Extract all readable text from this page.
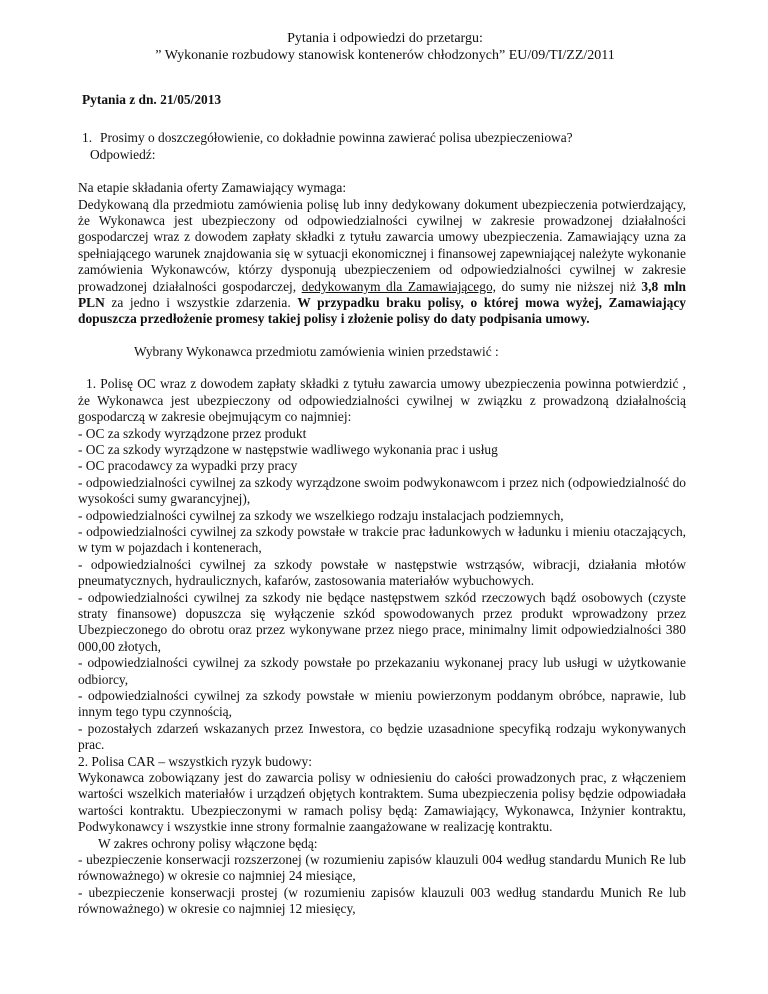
Pytania i odpowiedzi do przetargu:
” Wykonanie rozbudowy stanowisk kontenerów chłodzonych” EU/09/TI/ZZ/2011
Pytania z dn. 21/05/2013
1. Prosimy o doszczegółowienie, co dokładnie powinna zawierać polisa ubezpieczeniowa?
Odpowiedź:

Na etapie składania oferty Zamawiający wymaga:

Dedykowaną dla przedmiotu zamówienia polisę lub inny dedykowany dokument ubezpieczenia potwierdzający, że Wykonawca jest ubezpieczony od odpowiedzialności cywilnej w zakresie prowadzonej działalności gospodarczej wraz z dowodem zapłaty składki z tytułu zawarcia umowy ubezpieczenia. Zamawiający uzna za spełniającego warunek znajdowania się w sytuacji ekonomicznej i finansowej zapewniającej należyte wykonanie zamówienia Wykonawców, którzy dysponują ubezpieczeniem od odpowiedzialności cywilnej w zakresie prowadzonej działalności gospodarczej, dedykowanym dla Zamawiającego, do sumy nie niższej niż 3,8 mln PLN za jedno i wszystkie zdarzenia. W przypadku braku polisy, o której mowa wyżej, Zamawiający dopuszcza przedłożenie promesy takiej polisy i złożenie polisy do daty podpisania umowy.

Wybrany Wykonawca przedmiotu zamówienia winien przedstawić :

1. Polisę OC wraz z dowodem zapłaty składki z tytułu zawarcia umowy ubezpieczenia powinna potwierdzić , że Wykonawca jest ubezpieczony od odpowiedzialności cywilnej w związku z prowadzoną działalnością gospodarczą w zakresie obejmującym co najmniej:

- OC za szkody wyrządzone przez produkt

- OC za szkody wyrządzone w następstwie wadliwego wykonania prac i usług

- OC pracodawcy za wypadki przy pracy

- odpowiedzialności cywilnej za szkody wyrządzone swoim podwykonawcom i przez nich (odpowiedzialność do wysokości sumy gwarancyjnej),

- odpowiedzialności cywilnej za szkody we wszelkiego rodzaju instalacjach podziemnych,

- odpowiedzialności cywilnej za szkody powstałe w trakcie prac ładunkowych w ładunku i mieniu otaczających, w tym w pojazdach i kontenerach,

- odpowiedzialności cywilnej za szkody powstałe w następstwie wstrząsów, wibracji, działania młotów pneumatycznych, hydraulicznych, kafarów, zastosowania materiałów wybuchowych.

- odpowiedzialności cywilnej za szkody nie będące następstwem szkód rzeczowych bądź osobowych (czyste straty finansowe) dopuszcza się wyłączenie szkód spowodowanych przez produkt wprowadzony przez Ubezpieczonego do obrotu oraz przez wykonywane przez niego prace, minimalny limit odpowiedzialności 380 000,00 złotych,

- odpowiedzialności cywilnej za szkody powstałe po przekazaniu wykonanej pracy lub usługi w użytkowanie odbiorcy,

- odpowiedzialności cywilnej za szkody powstałe w mieniu powierzonym poddanym obróbce, naprawie, lub innym tego typu czynnością,

- pozostałych zdarzeń wskazanych przez Inwestora, co będzie uzasadnione specyfiką rodzaju wykonywanych prac.

2. Polisa CAR – wszystkich ryzyk budowy:

Wykonawca zobowiązany jest do zawarcia polisy w odniesieniu do całości prowadzonych prac, z włączeniem wartości wszelkich materiałów i urządzeń objętych kontraktem. Suma ubezpieczenia polisy będzie odpowiadała wartości kontraktu. Ubezpieczonymi w ramach polisy będą: Zamawiający, Wykonawca, Inżynier kontraktu, Podwykonawcy i wszystkie inne strony formalnie zaangażowane w realizację kontraktu.

W zakres ochrony polisy włączone będą:

- ubezpieczenie konserwacji rozszerzonej (w rozumieniu zapisów klauzuli 004 według standardu Munich Re lub równoważnego) w okresie co najmniej 24 miesiące,

- ubezpieczenie konserwacji prostej (w rozumieniu zapisów klauzuli 003 według standardu Munich Re lub równoważnego) w okresie co najmniej 12 miesięcy,
